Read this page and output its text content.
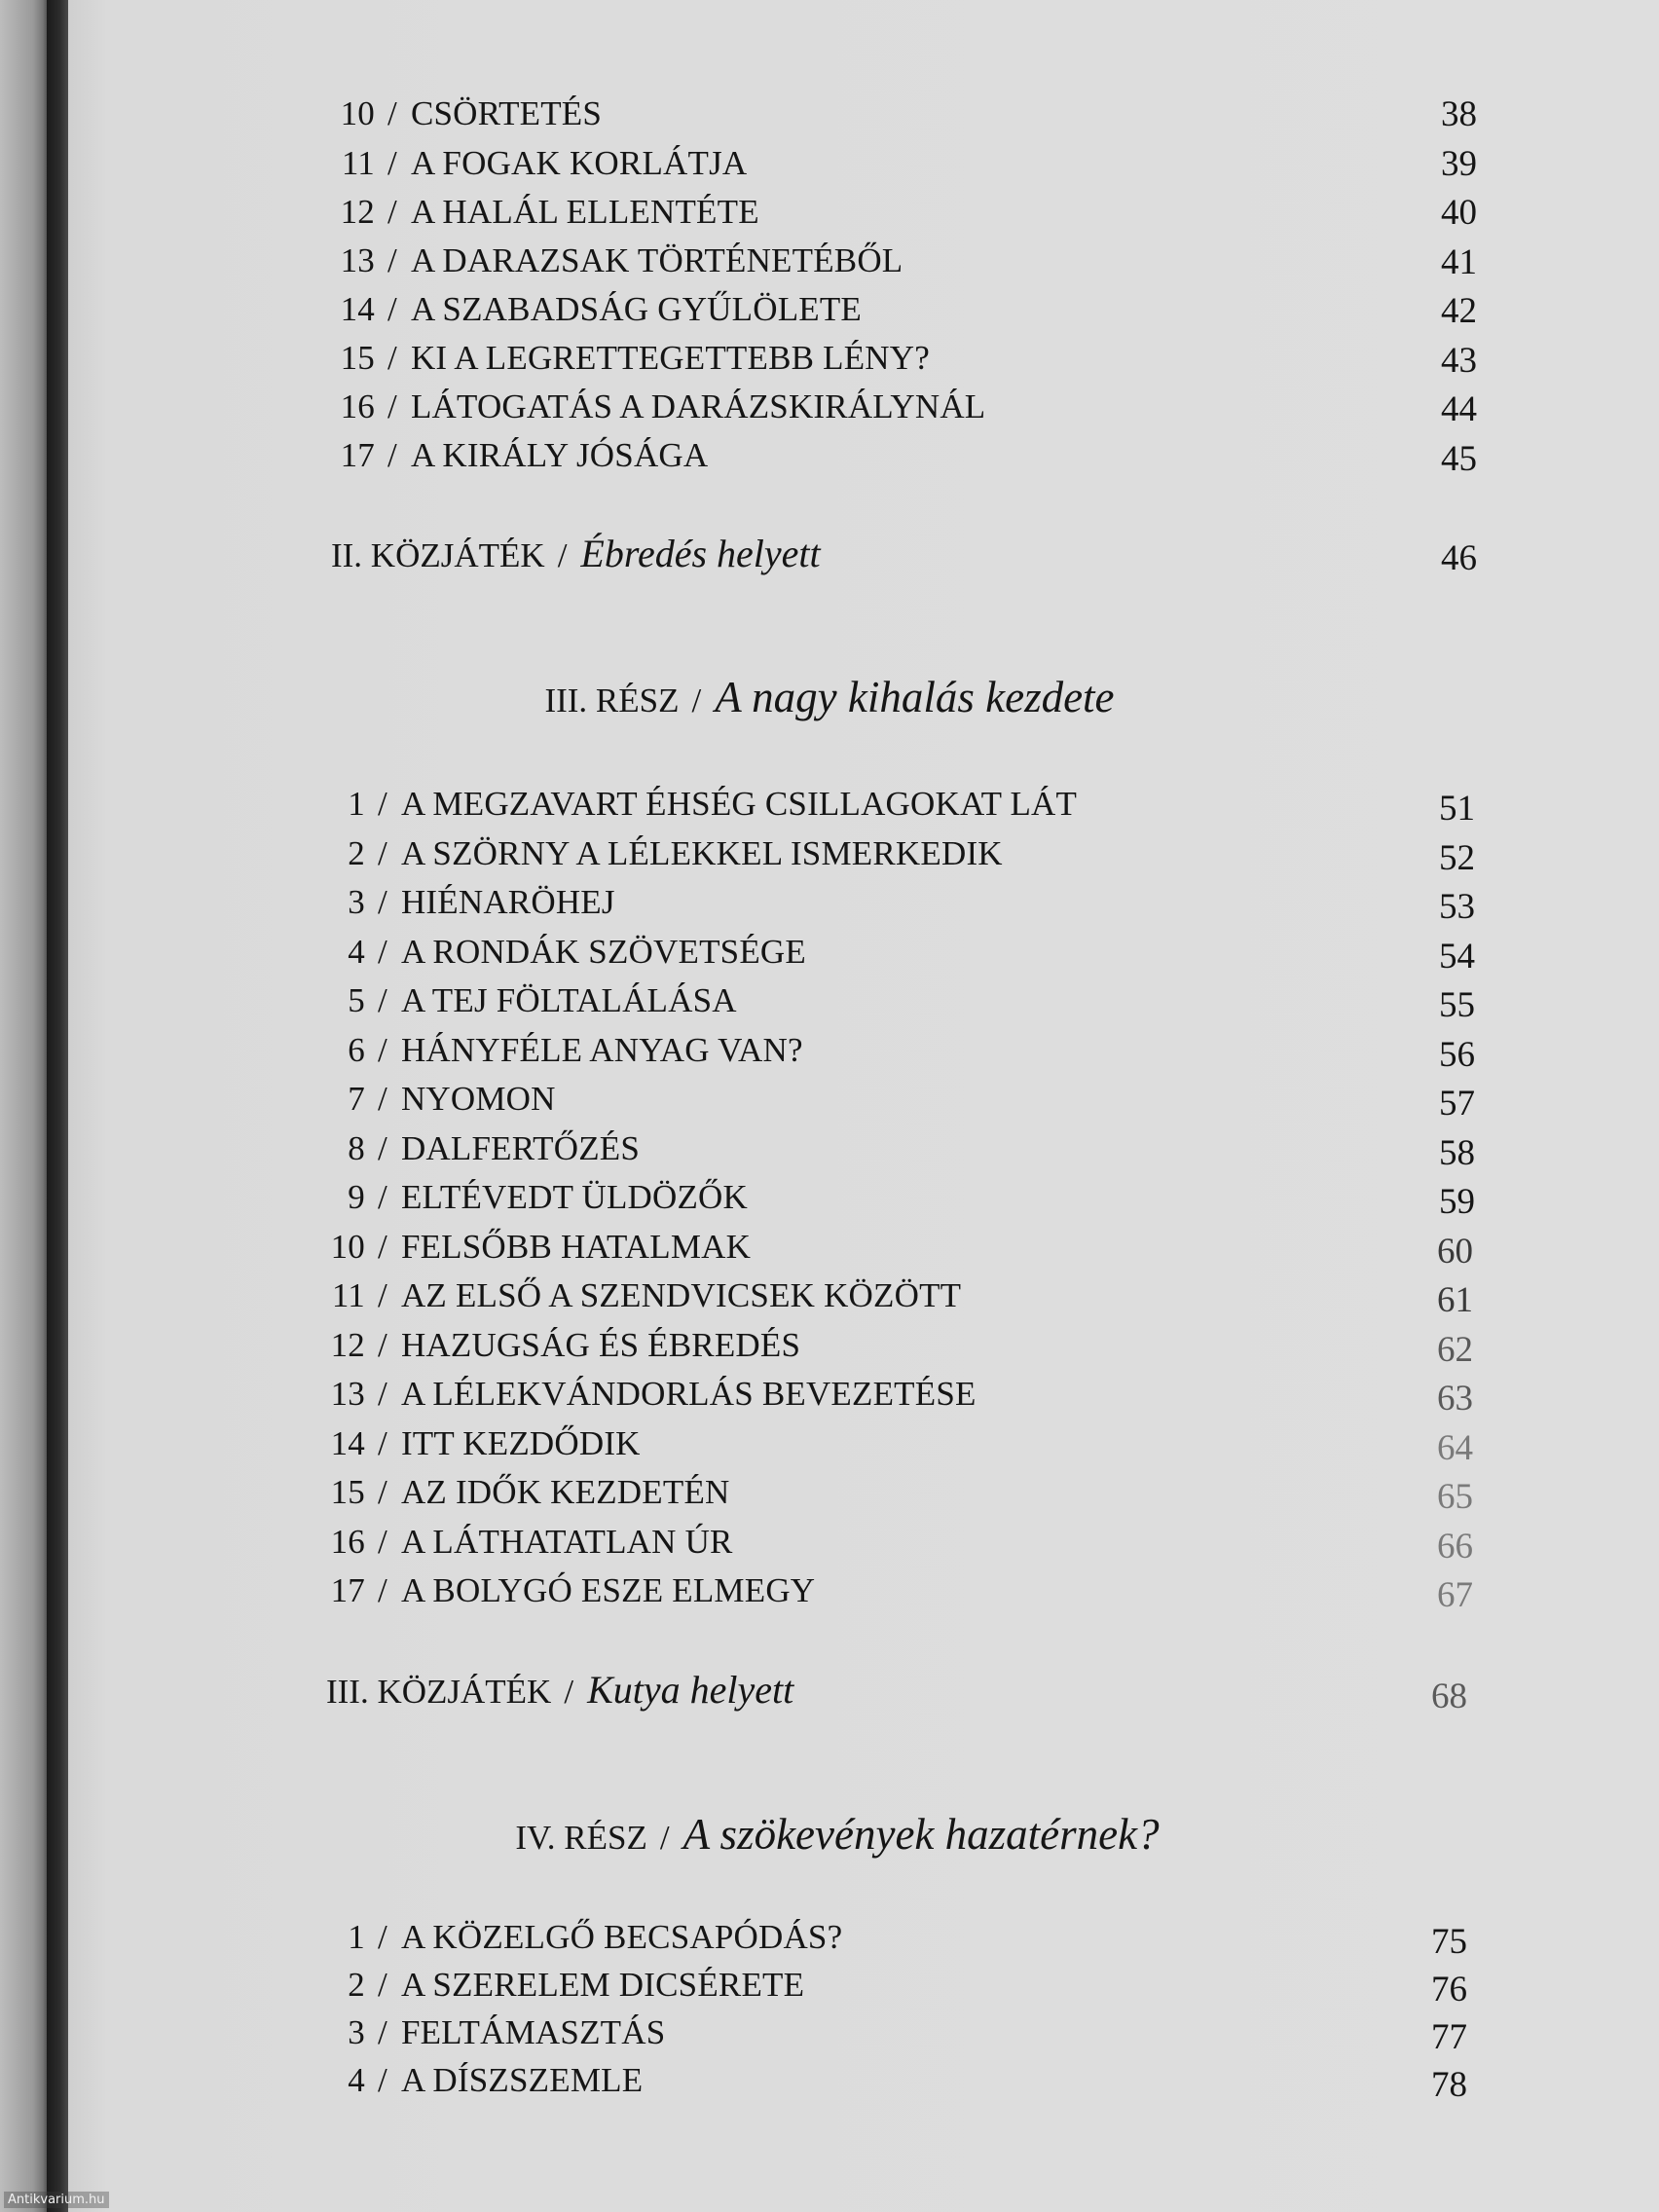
10 / CSÖRTETÉS	38
11 / A FOGAK KORLÁTJA	39
12 / A HALÁL ELLENTÉTE	40
13 / A DARAZSAK TÖRTÉNETÉBŐL	41
14 / A SZABADSÁG GYŰLÖLETE	42
15 / KI A LEGRETTEGETTEBB LÉNY?	43
16 / LÁTOGATÁS A DARÁZSKIRÁLYNÁL	44
17 / A KIRÁLY JÓSÁGA	45
II. KÖZJÁTÉK / Ébredés helyett	46
III. RÉSZ / A nagy kihalás kezdete
1 / A MEGZAVART ÉHSÉG CSILLAGOKAT LÁT	51
2 / A SZÖRNY A LÉLEKKEL ISMERKEDIK	52
3 / HIÉNARÖHEJ	53
4 / A RONDÁK SZÖVETSÉGE	54
5 / A TEJ FÖLTALÁLÁSA	55
6 / HÁNYFÉLE ANYAG VAN?	56
7 / NYOMON	57
8 / DALFERTŐZÉS	58
9 / ELTÉVEDT ÜLDÖZŐK	59
10 / FELSŐBB HATALMAK	60
11 / AZ ELSŐ A SZENDVICSEK KÖZÖTT	61
12 / HAZUGSÁG ÉS ÉBREDÉS	62
13 / A LÉLEKVÁNDORLÁS BEVEZETÉSE	63
14 / ITT KEZDŐDIK	64
15 / AZ IDŐK KEZDETÉN	65
16 / A LÁTHATATLAN ÚR	66
17 / A BOLYGÓ ESZE ELMEGY	67
III. KÖZJÁTÉK / Kutya helyett	68
IV. RÉSZ / A szökevények hazatérnek?
1 / A KÖZELGŐ BECSAPÓDÁS?	75
2 / A SZERELEM DICSÉRETE	76
3 / FELTÁMASZTÁS	77
4 / A DÍSZSZEMLE	78
Antikvarium.hu
